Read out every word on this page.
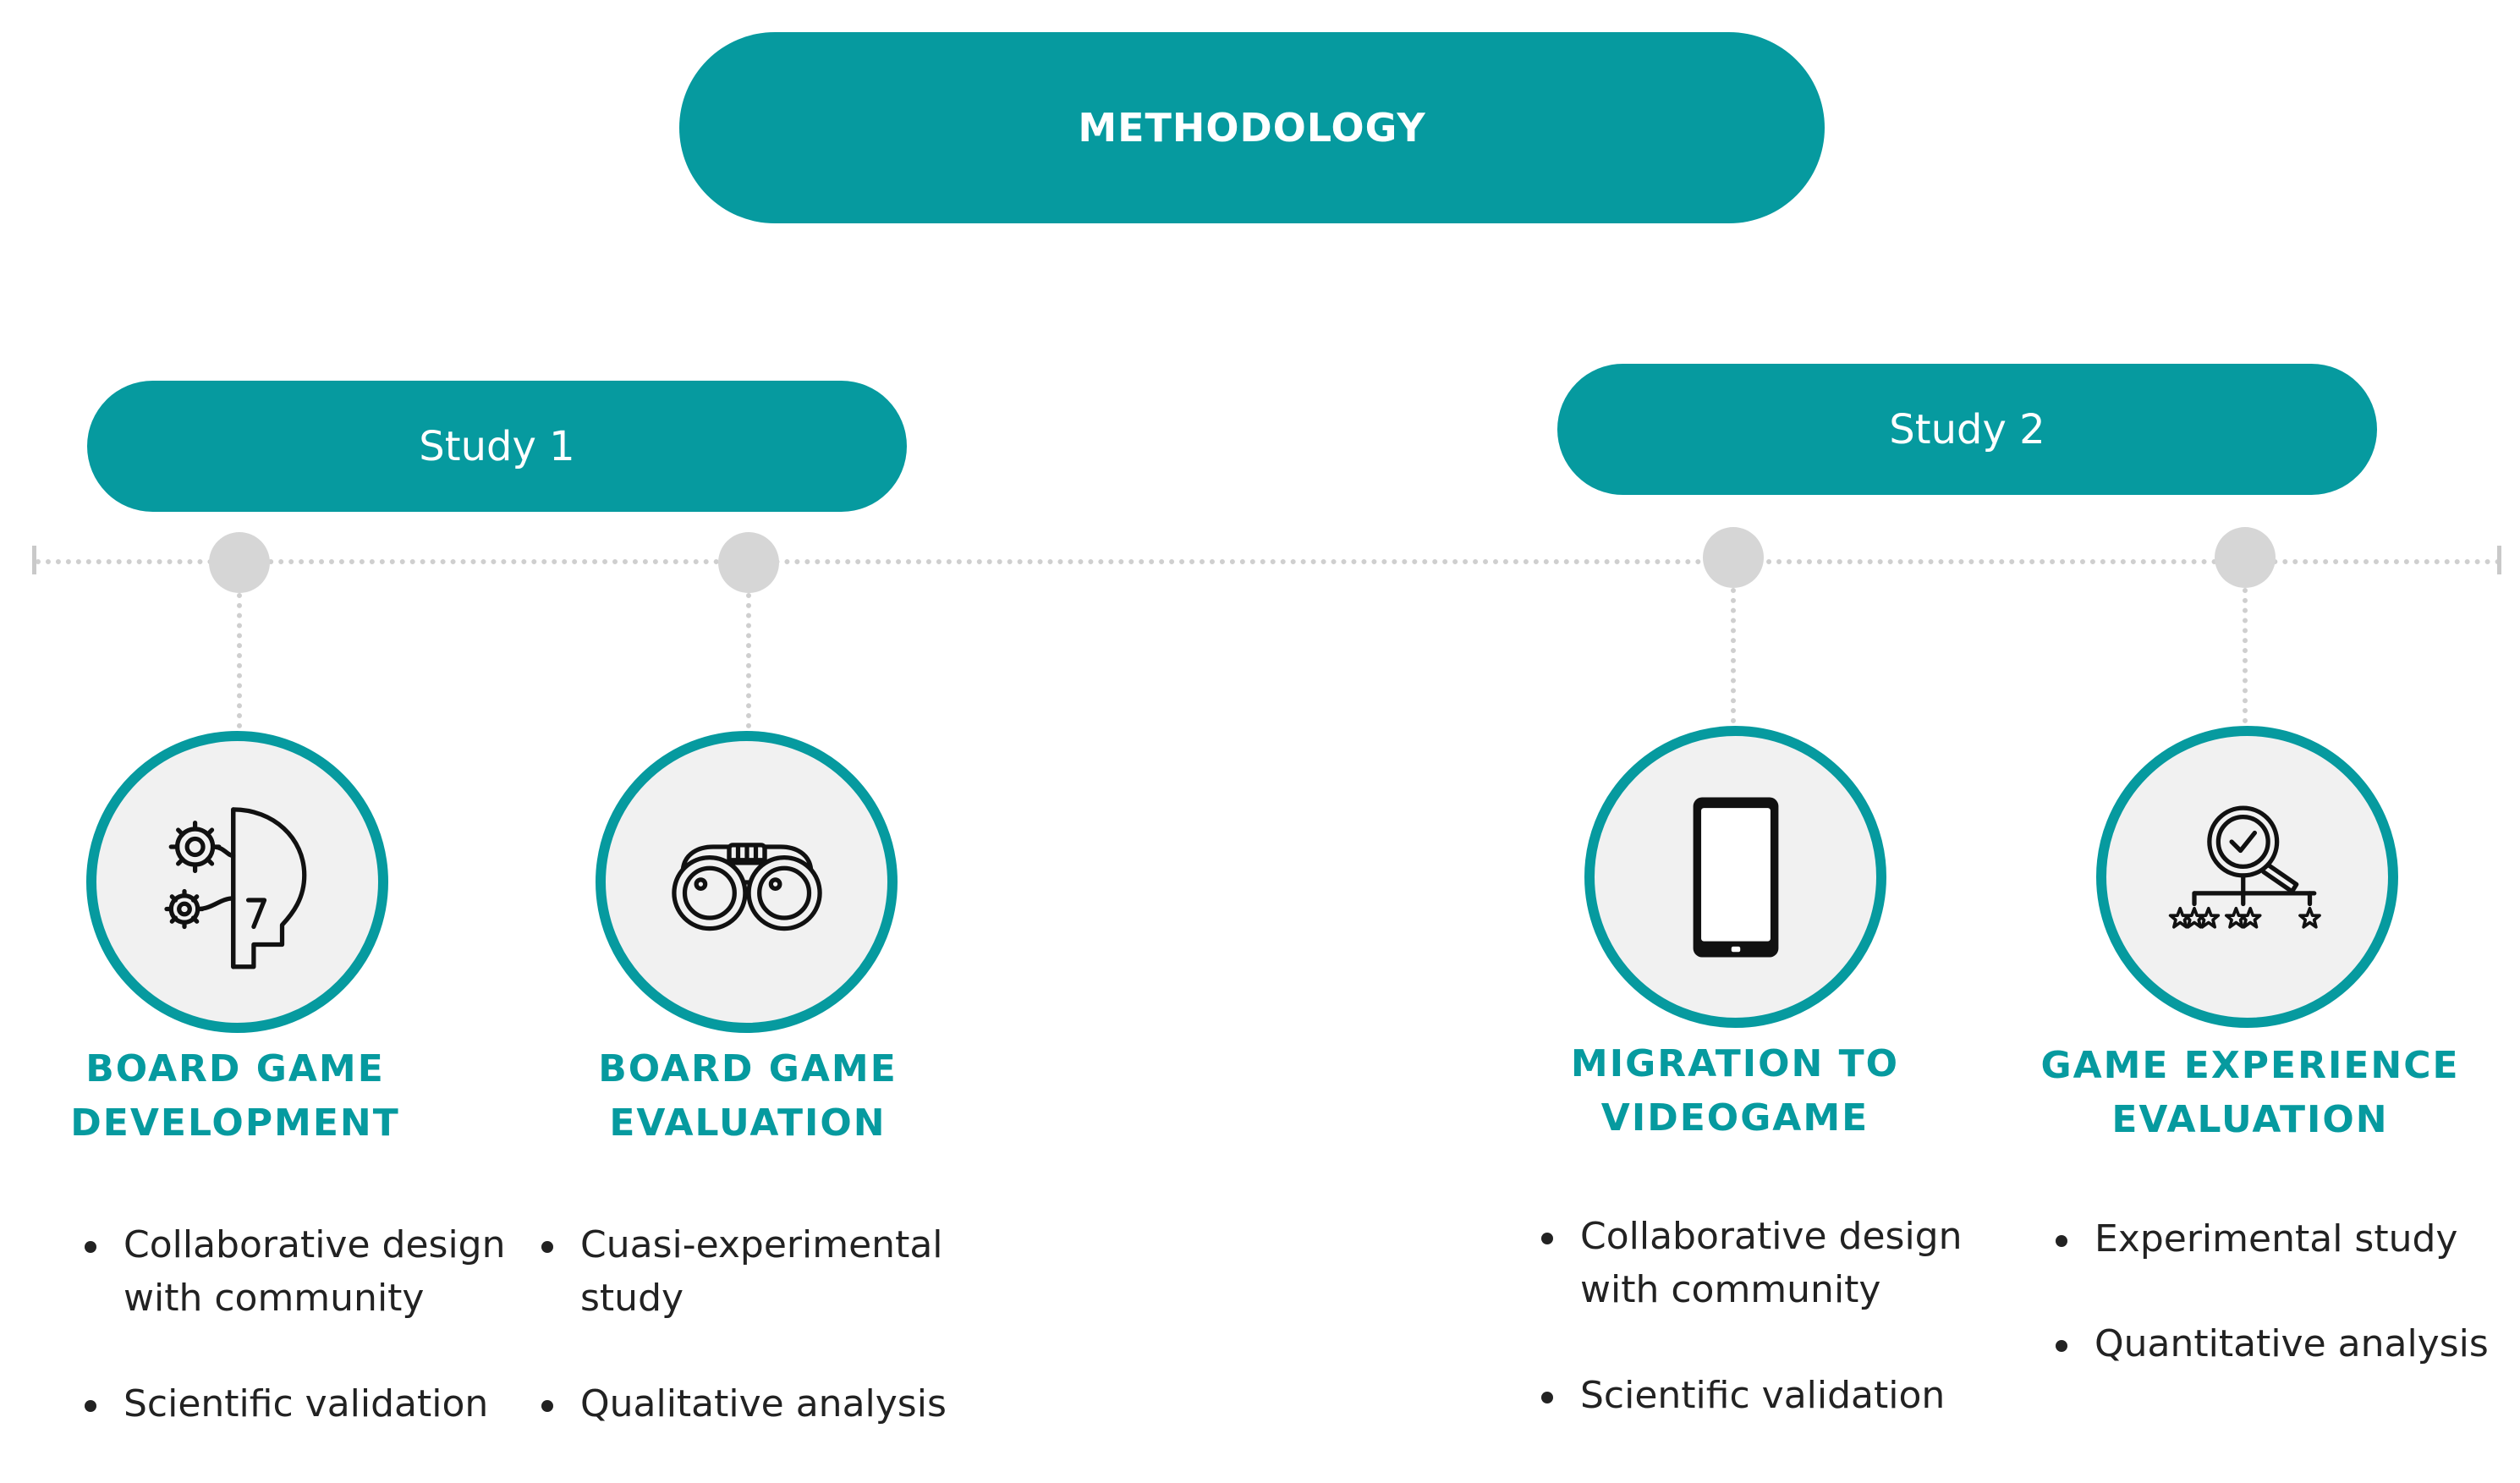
METHODOLOGY
Study 1	Study 2
BOARD GAME
DEVELOPMENT
Collaborative design with community
Scientific validation
BOARD GAME
EVALUATION
Cuasi-experimental study
Qualitative analysis
MIGRATION TO
VIDEOGAME
Collaborative design with community
Scientific validation
GAME EXPERIENCE
EVALUATION
Experimental study
Quantitative analysis
